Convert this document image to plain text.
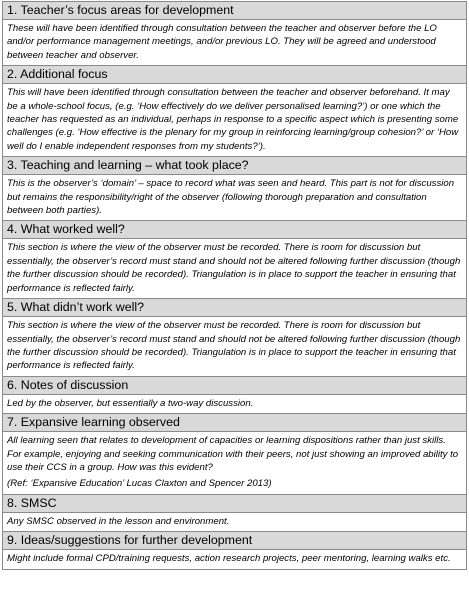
1. Teacher’s focus areas for development
These will have been identified through consultation between the teacher and observer before the LO and/or performance management meetings, and/or previous LO. They will be agreed and understood between teacher and observer.
2. Additional focus
This will have been identified through consultation between the teacher and observer beforehand. It may be a whole-school focus, (e.g. ‘How effectively do we deliver personalised learning?’) or one which the teacher has requested as an individual, perhaps in response to a specific aspect which is presenting some challenges (e.g. ‘How effective is the plenary for my group in reinforcing learning/group cohesion?’ or ‘How well do I enable independent responses from my students?’).
3. Teaching and learning – what took place?
This is the observer’s ‘domain’ – space to record what was seen and heard. This part is not for discussion but remains the responsibility/right of the observer (following thorough preparation and consultation between both parties).
4. What worked well?
This section is where the view of the observer must be recorded. There is room for discussion but essentially, the observer’s record must stand and should not be altered following further discussion (though the further discussion should be recorded). Triangulation is in place to support the teacher in ensuring that performance is reflected fairly.
5. What didn’t work well?
This section is where the view of the observer must be recorded. There is room for discussion but essentially, the observer’s record must stand and should not be altered following further discussion (though the further discussion should be recorded). Triangulation is in place to support the teacher in ensuring that performance is reflected fairly.
6. Notes of discussion
Led by the observer, but essentially a two-way discussion.
7. Expansive learning observed
All learning seen that relates to development of capacities or learning dispositions rather than just skills. For example, enjoying and seeking communication with their peers, not just showing an improved ability to use their CCS in a group. How was this evident?
(Ref: ‘Expansive Education’ Lucas Claxton and Spencer 2013)
8. SMSC
Any SMSC observed in the lesson and environment.
9. Ideas/suggestions for further development
Might include formal CPD/training requests, action research projects, peer mentoring, learning walks etc.
